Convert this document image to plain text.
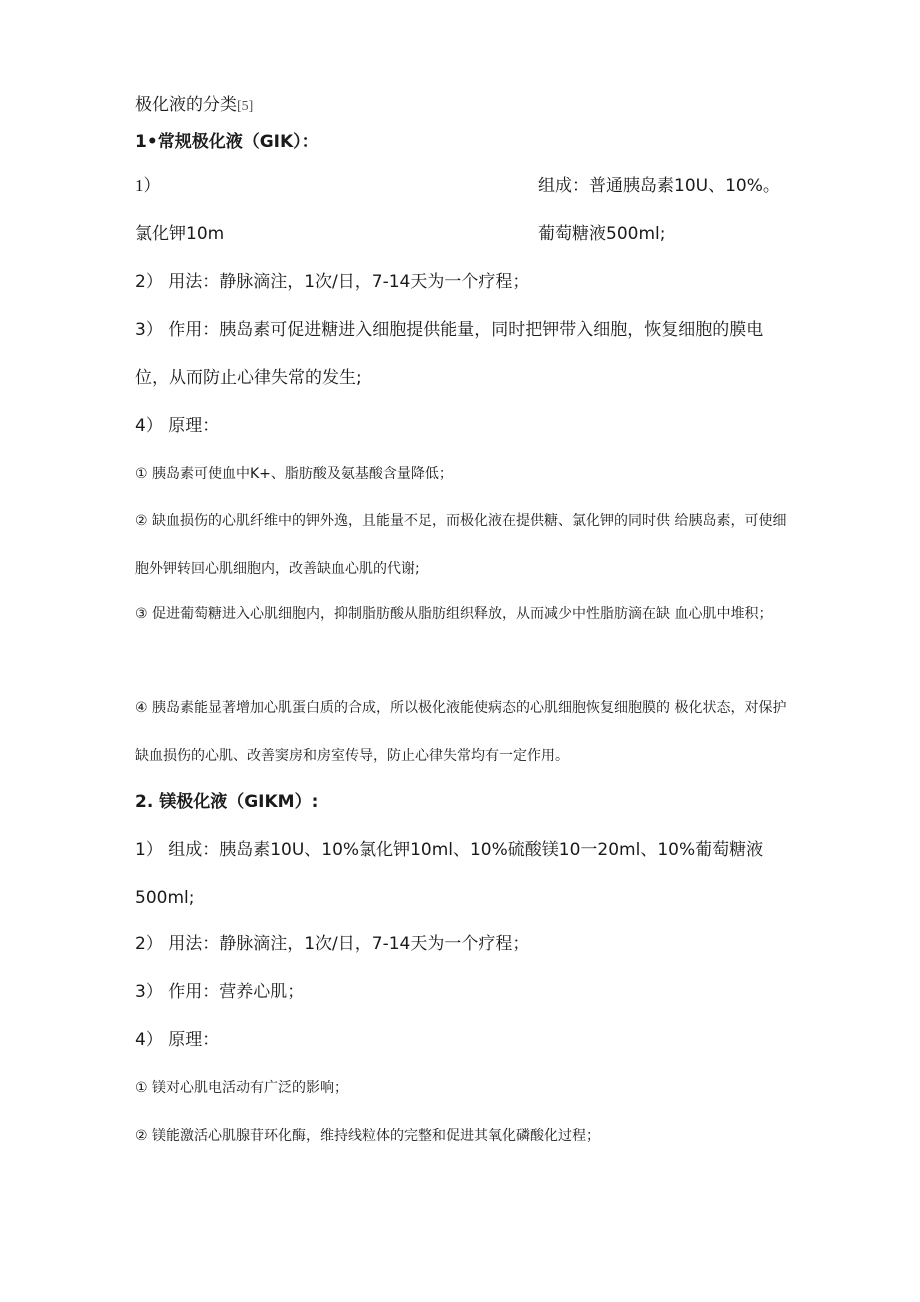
极化液的分类[5]
1•常规极化液（GIK）：
1）	组成：普通胰岛素10U、10%。
氯化钾10m	葡萄糖液500ml;
2） 用法：静脉滴注，1次/日，7-14天为一个疗程；
3） 作用：胰岛素可促进糖进入细胞提供能量，同时把钾带入细胞，恢复细胞的膜电位，从而防止心律失常的发生;
4） 原理：
① 胰岛素可使血中K+、脂肪酸及氨基酸含量降低；
② 缺血损伤的心肌纤维中的钾外逸，且能量不足，而极化液在提供糖、氯化钾的同时供 给胰岛素，可使细胞外钾转回心肌细胞内，改善缺血心肌的代谢;
③ 促进葡萄糖进入心肌细胞内，抑制脂肪酸从脂肪组织释放，从而减少中性脂肪滴在缺 血心肌中堆积；
④ 胰岛素能显著增加心肌蛋白质的合成，所以极化液能使病态的心肌细胞恢复细胞膜的 极化状态，对保护缺血损伤的心肌、改善窦房和房室传导，防止心律失常均有一定作用。
2. 镁极化液（GIKM）:
1） 组成：胰岛素10U、10%氯化钾10ml、10%硫酸镁10一20ml、10%葡萄糖液500ml;
2） 用法：静脉滴注，1次/日，7-14天为一个疗程；
3） 作用：营养心肌；
4） 原理：
① 镁对心肌电活动有广泛的影响；
② 镁能激活心肌腺苷环化酶，维持线粒体的完整和促进其氧化磷酸化过程；
